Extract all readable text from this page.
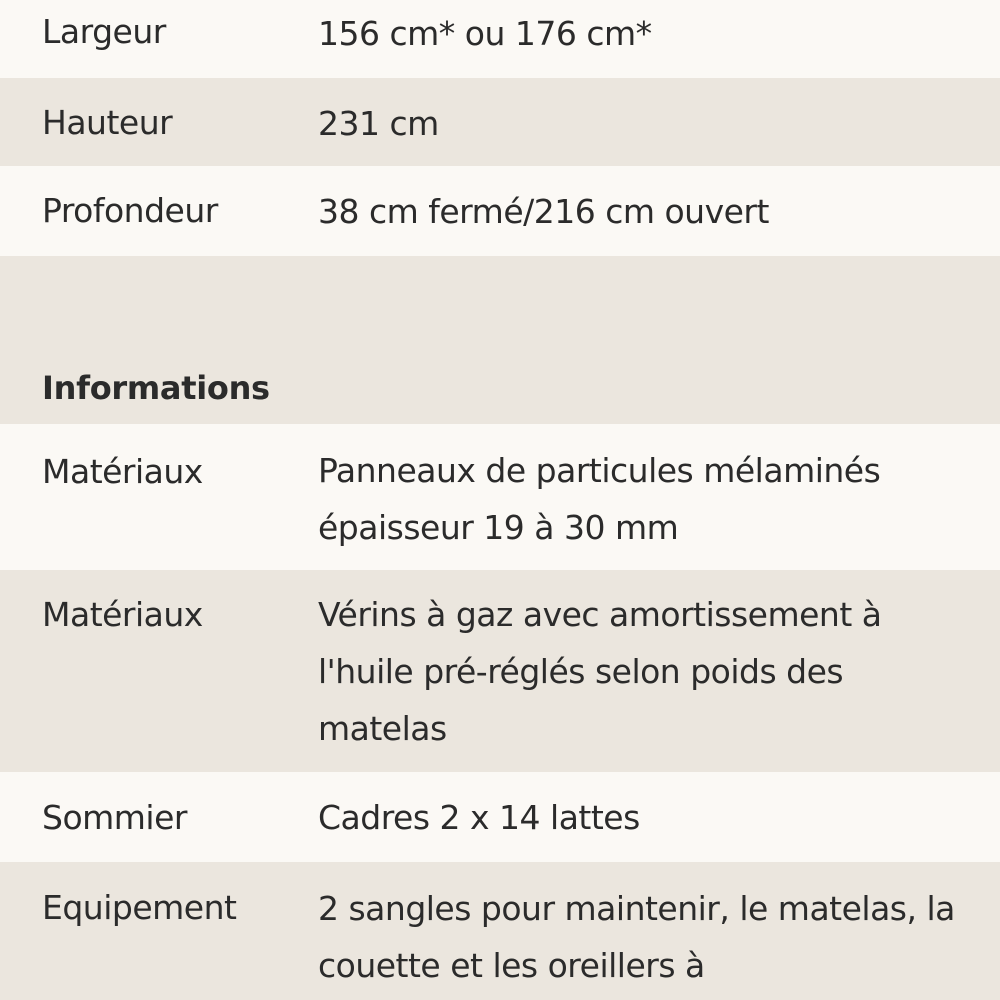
Largeur	156 cm* ou 176 cm*
Hauteur	231 cm
Profondeur	38 cm fermé/216 cm ouvert
Informations
Matériaux	Panneaux de particules mélaminés épaisseur 19 à 30 mm
Matériaux	Vérins à gaz avec amortissement à l'huile pré-réglés selon poids des matelas
Sommier	Cadres 2 x 14 lattes
Equipement 2 sangles pour maintenir, le matelas, la couette et les oreillers à
